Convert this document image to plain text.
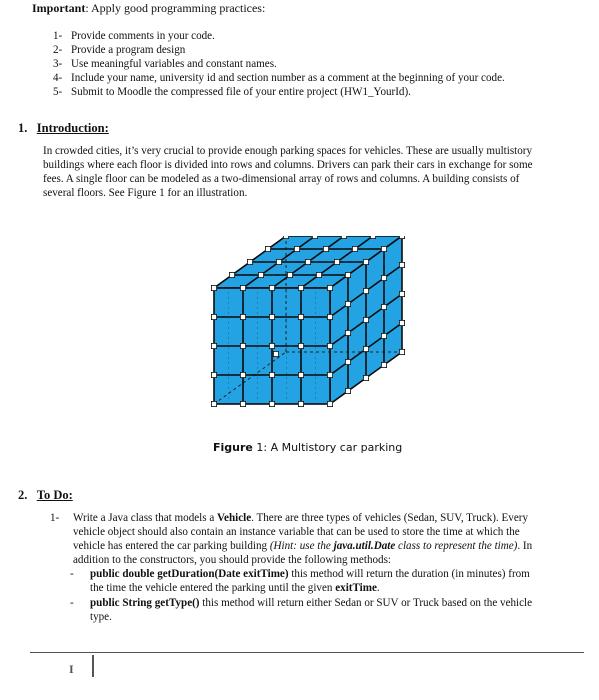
Important: Apply good programming practices:
1- Provide comments in your code.
2- Provide a program design
3- Use meaningful variables and constant names.
4- Include your name, university id and section number as a comment at the beginning of your code.
5- Submit to Moodle the compressed file of your entire project (HW1_YourId).
1. Introduction:
In crowded cities, it’s very crucial to provide enough parking spaces for vehicles. These are usually multistory
buildings where each floor is divided into rows and columns. Drivers can park their cars in exchange for some
fees. A single floor can be modeled as a two-dimensional array of rows and columns. A building consists of
several floors. See Figure 1 for an illustration.
Figure 1: A Multistory car parking
2. To Do:
1- Write a Java class that models a Vehicle. There are three types of vehicles (Sedan, SUV, Truck). Every
vehicle object should also contain an instance variable that can be used to store the time at which the
vehicle has entered the car parking building (Hint: use the java.util.Date class to represent the time). In
addition to the constructors, you should provide the following methods:
- public double getDuration(Date exitTime) this method will return the duration (in minutes) from
the time the vehicle entered the parking until the given exitTime.
- public String getType() this method will return either Sedan or SUV or Truck based on the vehicle
type.
I
